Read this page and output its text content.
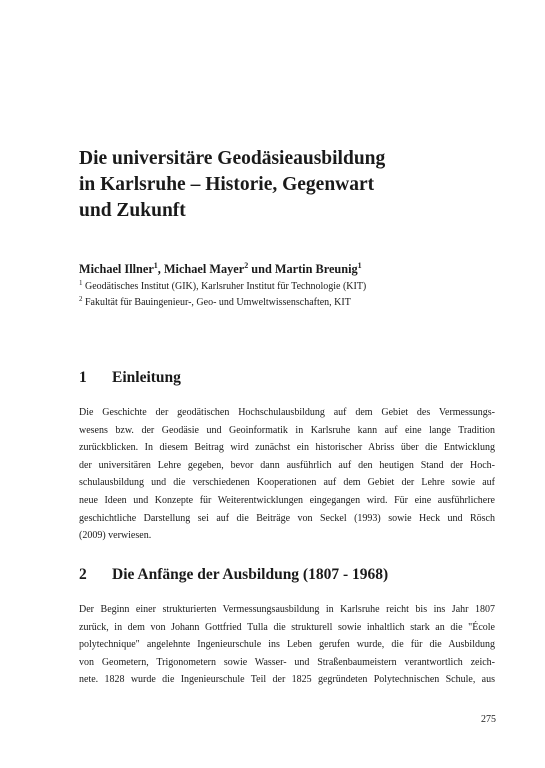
Die universitäre Geodäsieausbildung
in Karlsruhe – Historie, Gegenwart
und Zukunft

Michael Illner$^1$, Michael Mayer$^2$ und Martin Breunig$^1$

$^1$ Geodätisches Institut (GIK), Karlsruher Institut für Technologie (KIT)

$^2$ Fakultät für Bauingenieur-, Geo- und Umweltwissenschaften, KIT

1 Einleitung
Die Geschichte der geodätischen Hochschulausbildung auf dem Gebiet des Vermessungs-
wesens bzw. der Geodäsie und Geoinformatik in Karlsruhe kann auf eine lange Tradition
zurückblicken. In diesem Beitrag wird zunächst ein historischer Abriss über die Entwicklung
der universitären Lehre gegeben, bevor dann ausführlich auf den heutigen Stand der Hoch-
schulausbildung und die verschiedenen Kooperationen auf dem Gebiet der Lehre sowie auf
neue Ideen und Konzepte für Weiterentwicklungen eingegangen wird. Für eine ausführlichere
geschichtliche Darstellung sei auf die Beiträge von Seckel (1993) sowie Heck und Rösch
(2009) verwiesen.
2 Die Anfänge der Ausbildung (1807 - 1968)
Der Beginn einer strukturierten Vermessungsausbildung in Karlsruhe reicht bis ins Jahr 1807
zurück, in dem von Johann Gottfried Tulla die strukturell sowie inhaltlich stark an die "École
polytechnique" angelehnte Ingenieurschule ins Leben gerufen wurde, die für die Ausbildung
von Geometern, Trigonometern sowie Wasser- und Straßenbaumeistern verantwortlich zeich-
nete. 1828 wurde die Ingenieurschule Teil der 1825 gegründeten Polytechnischen Schule, aus

275
